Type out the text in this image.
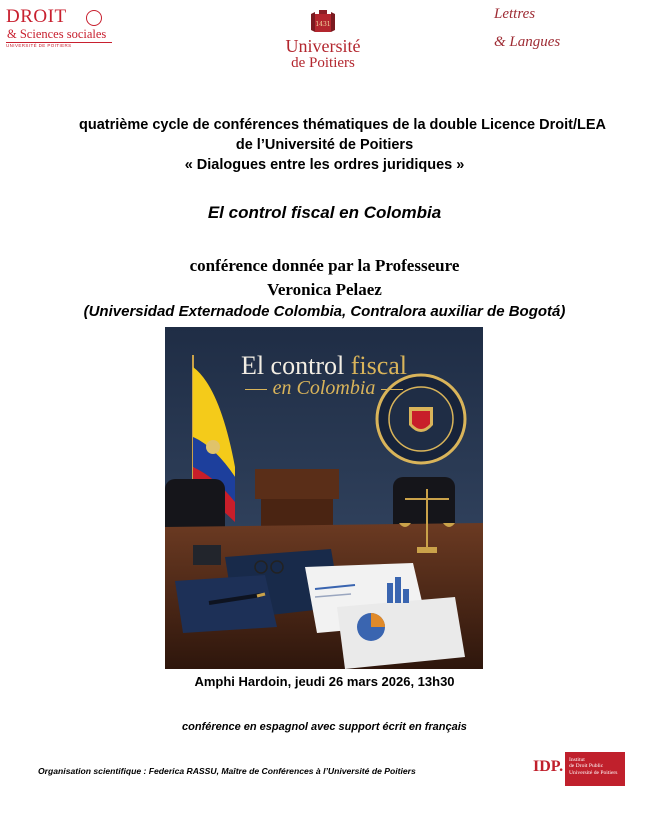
DROIT
& Sciences sociales
UNIVERSITÉ DE POITIERS
1431
Université
de Poitiers
Lettres
& Langues
quatrième cycle de conférences thématiques de la double Licence Droit/LEA
de l’Université de Poitiers
« Dialogues entre les ordres juridiques »
El control fiscal en Colombia
conférence donnée par la Professeure
Veronica Pelaez
(Universidad Externadode Colombia, Contralora auxiliar de Bogotá)
El control fiscal
en Colombia
Amphi Hardoin, jeudi 26 mars 2026, 13h30
conférence en espagnol avec support écrit en français
Organisation scientifique : Federica RASSU, Maître de Conférences à l’Université de Poitiers	IDP. Institut
de Droit Public
Université de Poitiers
